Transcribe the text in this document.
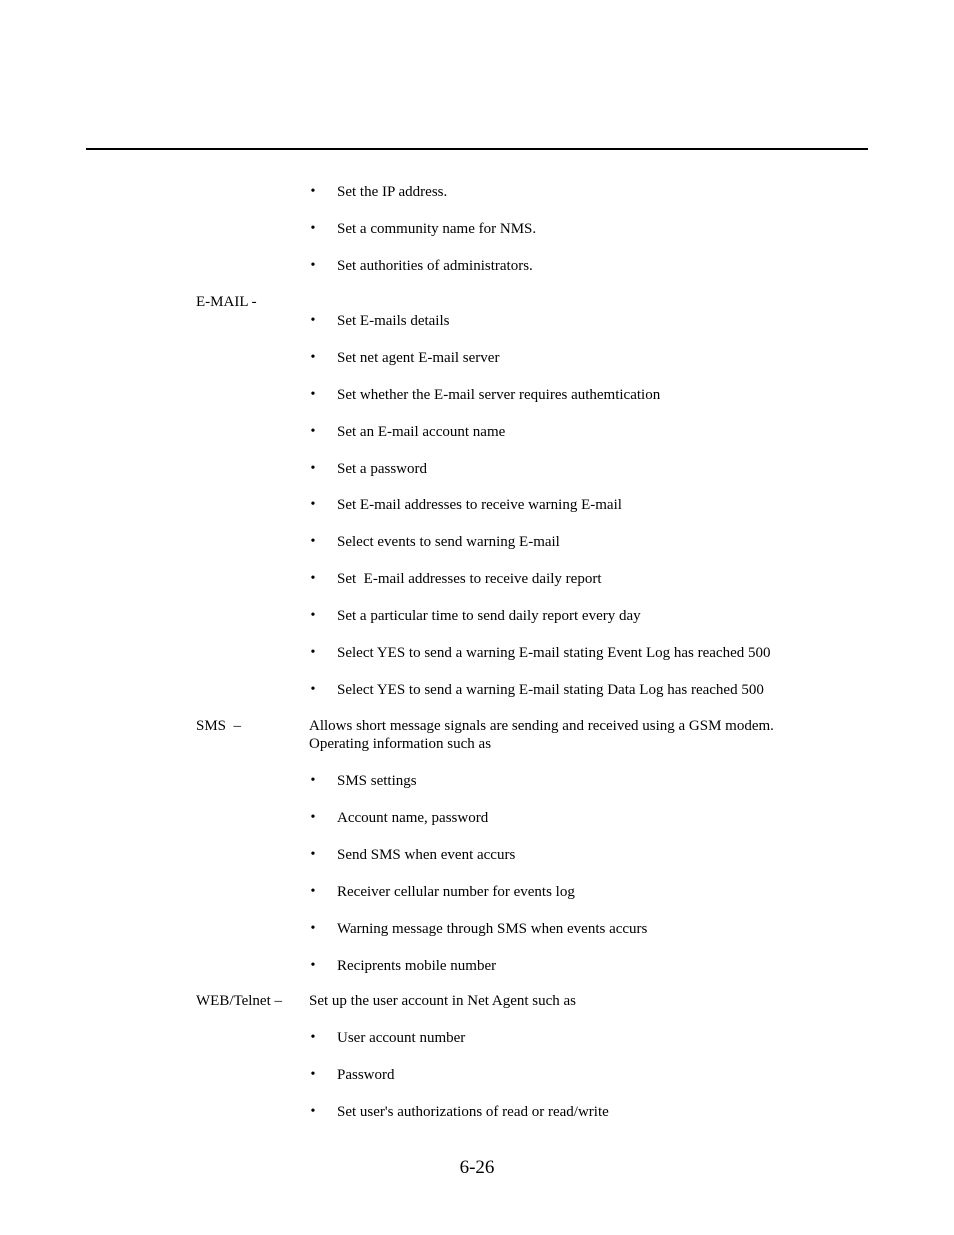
• Set the IP address.
• Set a community name for NMS.
• Set authorities of administrators.
E-MAIL -
• Set E-mails details
• Set net agent E-mail server
• Set whether the E-mail server requires authemtication
• Set an E-mail account name
• Set a password
• Set E-mail addresses to receive warning E-mail
• Select events to send warning E-mail
• Set  E-mail addresses to receive daily report
• Set a particular time to send daily report every day
• Select YES to send a warning E-mail stating Event Log has reached 500
• Select YES to send a warning E-mail stating Data Log has reached 500
SMS  –	Allows short message signals are sending and received using a GSM modem.
Operating information such as
• SMS settings
• Account name, password
• Send SMS when event accurs
• Receiver cellular number for events log
• Warning message through SMS when events accurs
• Reciprents mobile number
WEB/Telnet – Set up the user account in Net Agent such as
• User account number
• Password
• Set user's authorizations of read or read/write
6-26
